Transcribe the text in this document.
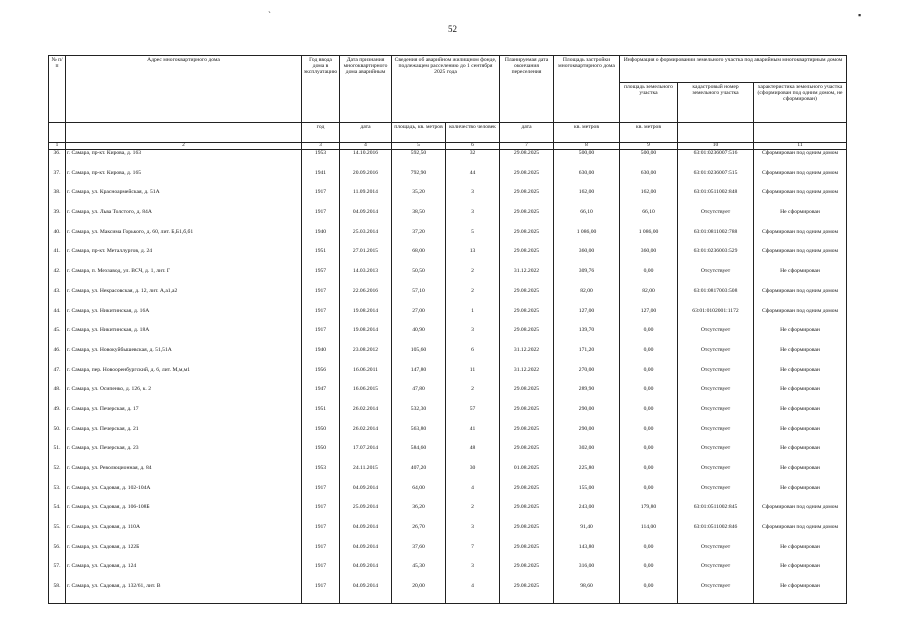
52
`	▪
№ п/п	Адрес многоквартирного дома	Год ввода дома в эксплуатацию	Дата признания многоквартирного дома аварийным	Сведения об аварийном жилищном фонде, подлежащем расселению до 1 сентября 2025 года		Планируемая дата окончания переселения	Площадь застройки многоквартирного дома	Информация о формировании земельного участка под аварийным многоквартирным домом		
								площадь земельного участка	кадастровый номер земельного участка	характеристика земельного участка (сформирован под одним домом, не сформирован)
		год	дата	площадь, кв. метров	количество человек	дата	кв. метров	кв. метров		
1	2	3	4	5	6	7	8	9	10	11
36.	г. Самара, пр-кт. Кирова, д. 163	1953	14.10.2016	592,50	32	29.08.2025	500,00	500,00	63:01:0236007:516	Сформирован под одним домом
37.	г. Самара, пр-кт. Кирова, д. 165	1941	20.09.2016	792,90	44	29.08.2025	630,00	630,00	63:01:0236007:515	Сформирован под одним домом
38.	г. Самара, ул. Красноармейская, д. 51А	1917	11.09.2014	35,20	3	29.08.2025	162,00	162,00	63:01:0511002:848	Сформирован под одним домом
39.	г. Самара, ул. Льва Толстого, д. 84А	1917	04.09.2014	38,50	3	29.08.2025	66,10	66,10	Отсутствует	Не сформирован
40.	г. Самара, ул. Максима Горького, д. 60, лит. Б,Б1,б,б1	1940	25.03.2014	37,20	5	29.08.2025	1 086,00	1 086,00	63:01:0811002:788	Сформирован под одним домом
41.	г. Самара, пр-кт. Металлургов, д. 24	1951	27.01.2015	68,00	13	29.08.2025	360,00	360,00	63:01:0236003:529	Сформирован под одним домом
42.	г. Самара, п. Мехзавод, ул. ВСЧ, д. 1, лит. Г	1957	14.03.2013	50,50	2	31.12.2022	309,76	0,00	Отсутствует	Не сформирован
43.	г. Самара, ул. Некрасовская, д. 12, лит. А,а1,а2	1917	22.06.2016	57,10	2	29.08.2025	82,00	82,00	63:01:0817003:508	Сформирован под одним домом
44.	г. Самара, ул. Никитинская, д. 16А	1917	19.08.2014	27,00	1	29.08.2025	127,00	127,00	63:01:0102001:1172	Сформирован под одним домом
45.	г. Самара, ул. Никитинская, д. 18А	1917	19.08.2014	40,90	3	29.08.2025	139,70	0,00	Отсутствует	Не сформирован
46.	г. Самара, ул. Новокуйбышевская, д. 51,51А	1940	23.08.2012	105,60	6	31.12.2022	171,20	0,00	Отсутствует	Не сформирован
47.	г. Самара, пер. Новооренбургский, д. 6, лит. М,м,м1	1956	16.06.2011	147,80	11	31.12.2022	270,00	0,00	Отсутствует	Не сформирован
48.	г. Самара, ул. Осипенко, д. 126, к. 2	1947	16.06.2015	47,80	2	29.08.2025	289,90	0,00	Отсутствует	Не сформирован
49.	г. Самара, ул. Печерская, д. 17	1951	26.02.2014	532,30	57	29.08.2025	290,00	0,00	Отсутствует	Не сформирован
50.	г. Самара, ул. Печерская, д. 21	1950	26.02.2014	563,80	41	29.08.2025	290,00	0,00	Отсутствует	Не сформирован
51.	г. Самара, ул. Печерская, д. 23	1950	17.07.2014	584,60	48	29.08.2025	302,00	0,00	Отсутствует	Не сформирован
52.	г. Самара, ул. Революционная, д. 84	1953	24.11.2015	407,20	30	01.08.2025	225,80	0,00	Отсутствует	Не сформирован
53.	г. Самара, ул. Садовая, д. 102-104А	1917	04.09.2014	64,00	4	29.08.2025	155,00	0,00	Отсутствует	Не сформирован
54.	г. Самара, ул. Садовая, д. 106-108Б	1917	25.09.2014	36,20	2	29.08.2025	243,00	179,80	63:01:0511002:845	Сформирован под одним домом
55.	г. Самара, ул. Садовая, д. 110А	1917	04.09.2014	26,70	3	29.08.2025	91,40	114,00	63:01:0511002:846	Сформирован под одним домом
56.	г. Самара, ул. Садовая, д. 122Б	1917	04.09.2014	37,60	7	29.08.2025	143,80	0,00	Отсутствует	Не сформирован
57.	г. Самара, ул. Садовая, д. 124	1917	04.09.2014	45,30	3	29.08.2025	316,00	0,00	Отсутствует	Не сформирован
58.	г. Самара, ул. Садовая, д. 132/61, лит. В	1917	04.09.2014	20,00	4	29.08.2025	98,60	0,00	Отсутствует	Не сформирован
